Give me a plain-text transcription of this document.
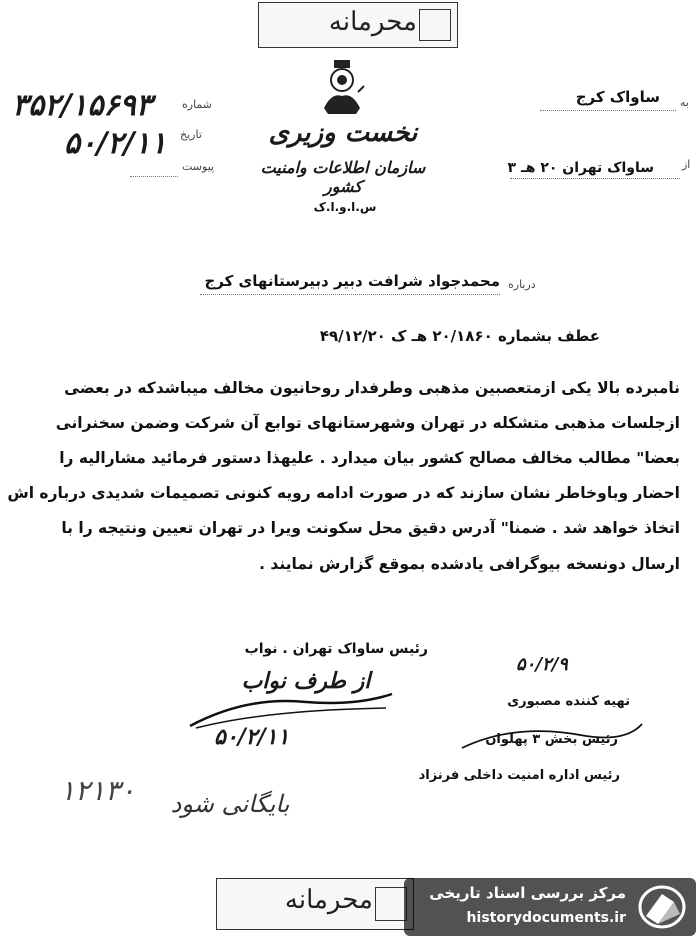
محرمانه
۳۵۲/۱۵۶۹۳	شماره
۵۰/۲/۱۱ تاریخ
پیوست
نخست وزیری
سازمان اطلاعات وامنیت کشور
س.ا.و.ا.ک
به
ساواک کرج
از
ساواک تهران ۲۰ هـ ۳
درباره
محمدجواد شرافت دبیر دبیرستانهای کرج
عطف بشماره ۲۰/۱۸۶۰ هـ ک ۴۹/۱۲/۲۰
نامبرده بالا یکی ازمتعصبین مذهبی وطرفدار روحانیون مخالف میباشدکه در بعضی
ازجلسات مذهبی متشکله در تهران وشهرستانهای توابع آن شرکت وضمن سخنرانی
بعضا" مطالب مخالف مصالح کشور بیان میدارد . علیهذا دستور فرمائید مشارالیه را
احضار وباوخاطر نشان سازند که در صورت ادامه رویه کنونی تصمیمات شدیدی درباره اش
اتخاذ خواهد شد . ضمنا" آدرس دقیق محل سکونت ویرا در تهران تعیین ونتیجه را با
ارسال دونسخه بیوگرافی یادشده بموقع گزارش نمایند .
رئیس ساواک تهران . نواب
از طرف نواب
۵۰/۲/۱۱
۵۰/۲/۹
تهیه کننده مصبوری
رئیس بخش ۳ پهلوان
رئیس اداره امنیت داخلی فرنزاد
۱۲۱۳۰	بایگانی شود
محرمانه	مرکز بررسی اسناد تاریخی
historydocuments.ir
